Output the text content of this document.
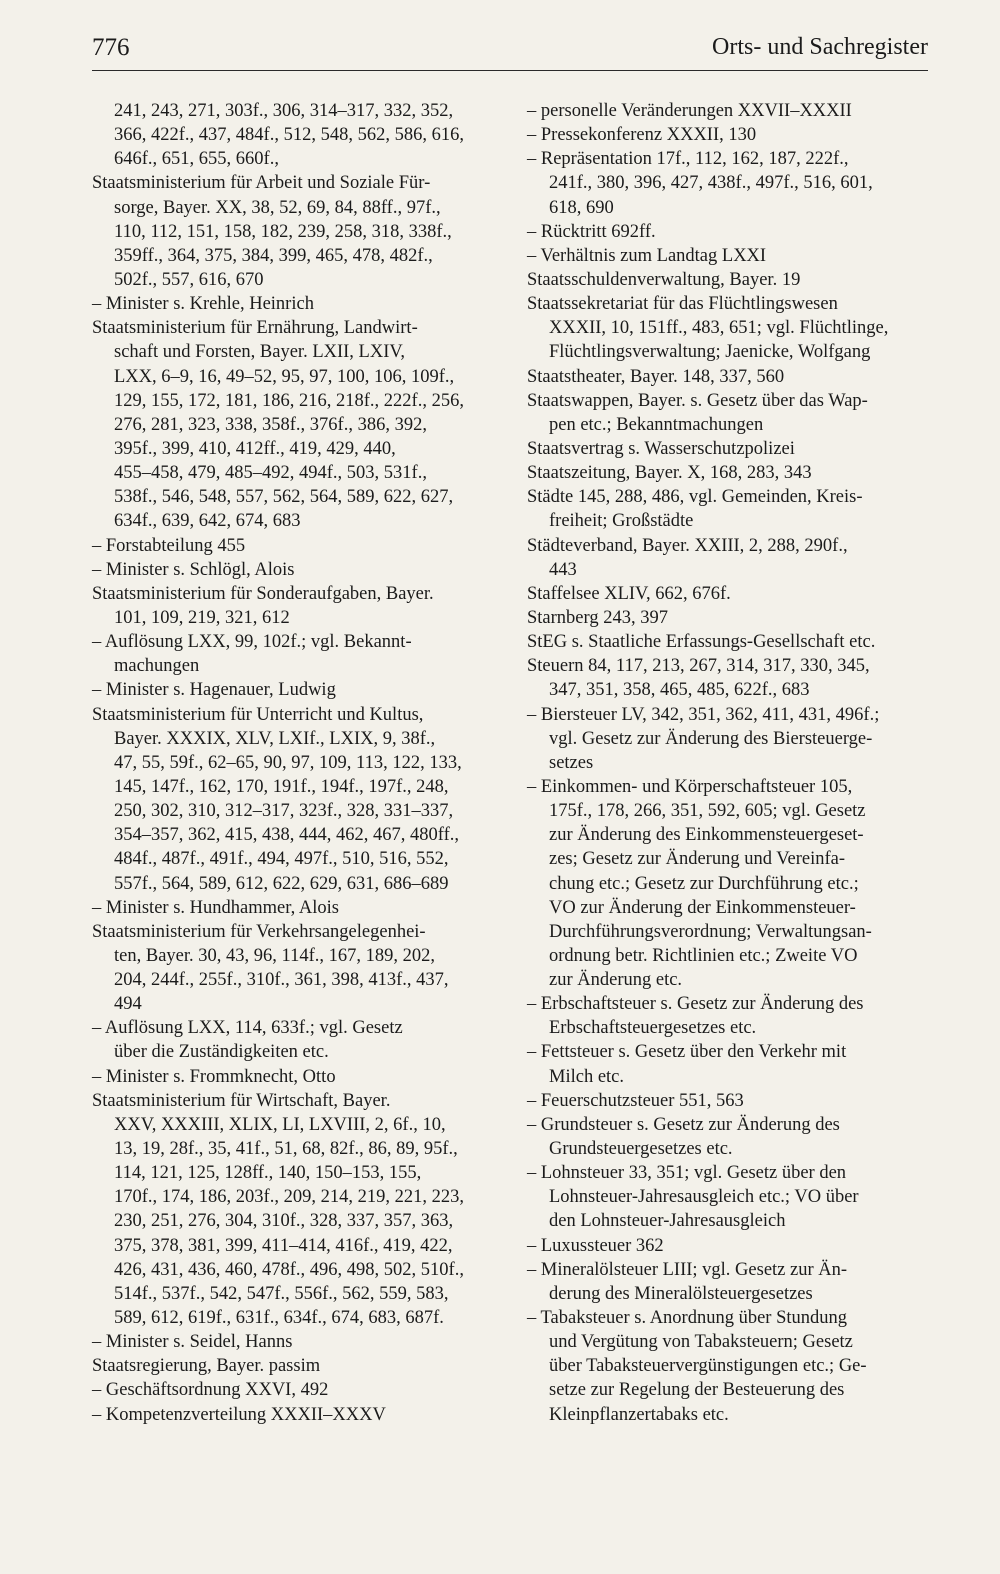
776	Orts- und Sachregister
241, 243, 271, 303f., 306, 314–317, 332, 352,
366, 422f., 437, 484f., 512, 548, 562, 586, 616,
646f., 651, 655, 660f.,
Staatsministerium für Arbeit und Soziale Für-
sorge, Bayer. XX, 38, 52, 69, 84, 88ff., 97f.,
110, 112, 151, 158, 182, 239, 258, 318, 338f.,
359ff., 364, 375, 384, 399, 465, 478, 482f.,
502f., 557, 616, 670
– Minister s. Krehle, Heinrich
Staatsministerium für Ernährung, Landwirt-
schaft und Forsten, Bayer. LXII, LXIV,
LXX, 6–9, 16, 49–52, 95, 97, 100, 106, 109f.,
129, 155, 172, 181, 186, 216, 218f., 222f., 256,
276, 281, 323, 338, 358f., 376f., 386, 392,
395f., 399, 410, 412ff., 419, 429, 440,
455–458, 479, 485–492, 494f., 503, 531f.,
538f., 546, 548, 557, 562, 564, 589, 622, 627,
634f., 639, 642, 674, 683
– Forstabteilung 455
– Minister s. Schlögl, Alois
Staatsministerium für Sonderaufgaben, Bayer.
101, 109, 219, 321, 612
– Auflösung LXX, 99, 102f.; vgl. Bekannt-
machungen
– Minister s. Hagenauer, Ludwig
Staatsministerium für Unterricht und Kultus,
Bayer. XXXIX, XLV, LXIf., LXIX, 9, 38f.,
47, 55, 59f., 62–65, 90, 97, 109, 113, 122, 133,
145, 147f., 162, 170, 191f., 194f., 197f., 248,
250, 302, 310, 312–317, 323f., 328, 331–337,
354–357, 362, 415, 438, 444, 462, 467, 480ff.,
484f., 487f., 491f., 494, 497f., 510, 516, 552,
557f., 564, 589, 612, 622, 629, 631, 686–689
– Minister s. Hundhammer, Alois
Staatsministerium für Verkehrsangelegenhei-
ten, Bayer. 30, 43, 96, 114f., 167, 189, 202,
204, 244f., 255f., 310f., 361, 398, 413f., 437,
494
– Auflösung LXX, 114, 633f.; vgl. Gesetz
über die Zuständigkeiten etc.
– Minister s. Frommknecht, Otto
Staatsministerium für Wirtschaft, Bayer.
XXV, XXXIII, XLIX, LI, LXVIII, 2, 6f., 10,
13, 19, 28f., 35, 41f., 51, 68, 82f., 86, 89, 95f.,
114, 121, 125, 128ff., 140, 150–153, 155,
170f., 174, 186, 203f., 209, 214, 219, 221, 223,
230, 251, 276, 304, 310f., 328, 337, 357, 363,
375, 378, 381, 399, 411–414, 416f., 419, 422,
426, 431, 436, 460, 478f., 496, 498, 502, 510f.,
514f., 537f., 542, 547f., 556f., 562, 559, 583,
589, 612, 619f., 631f., 634f., 674, 683, 687f.
– Minister s. Seidel, Hanns
Staatsregierung, Bayer. passim
– Geschäftsordnung XXVI, 492
– Kompetenzverteilung XXXII–XXXV
– personelle Veränderungen XXVII–XXXII
– Pressekonferenz XXXII, 130
– Repräsentation 17f., 112, 162, 187, 222f.,
241f., 380, 396, 427, 438f., 497f., 516, 601,
618, 690
– Rücktritt 692ff.
– Verhältnis zum Landtag LXXI
Staatsschuldenverwaltung, Bayer. 19
Staatssekretariat für das Flüchtlingswesen
XXXII, 10, 151ff., 483, 651; vgl. Flüchtlinge,
Flüchtlingsverwaltung; Jaenicke, Wolfgang
Staatstheater, Bayer. 148, 337, 560
Staatswappen, Bayer. s. Gesetz über das Wap-
pen etc.; Bekanntmachungen
Staatsvertrag s. Wasserschutzpolizei
Staatszeitung, Bayer. X, 168, 283, 343
Städte 145, 288, 486, vgl. Gemeinden, Kreis-
freiheit; Großstädte
Städteverband, Bayer. XXIII, 2, 288, 290f.,
443
Staffelsee XLIV, 662, 676f.
Starnberg 243, 397
StEG s. Staatliche Erfassungs-Gesellschaft etc.
Steuern 84, 117, 213, 267, 314, 317, 330, 345,
347, 351, 358, 465, 485, 622f., 683
– Biersteuer LV, 342, 351, 362, 411, 431, 496f.;
vgl. Gesetz zur Änderung des Biersteuerge-
setzes
– Einkommen- und Körperschaftsteuer 105,
175f., 178, 266, 351, 592, 605; vgl. Gesetz
zur Änderung des Einkommensteuergeset-
zes; Gesetz zur Änderung und Vereinfa-
chung etc.; Gesetz zur Durchführung etc.;
VO zur Änderung der Einkommensteuer-
Durchführungsverordnung; Verwaltungsan-
ordnung betr. Richtlinien etc.; Zweite VO
zur Änderung etc.
– Erbschaftsteuer s. Gesetz zur Änderung des
Erbschaftsteuergesetzes etc.
– Fettsteuer s. Gesetz über den Verkehr mit
Milch etc.
– Feuerschutzsteuer 551, 563
– Grundsteuer s. Gesetz zur Änderung des
Grundsteuergesetzes etc.
– Lohnsteuer 33, 351; vgl. Gesetz über den
Lohnsteuer-Jahresausgleich etc.; VO über
den Lohnsteuer-Jahresausgleich
– Luxussteuer 362
– Mineralölsteuer LIII; vgl. Gesetz zur Än-
derung des Mineralölsteuergesetzes
– Tabaksteuer s. Anordnung über Stundung
und Vergütung von Tabaksteuern; Gesetz
über Tabaksteuervergünstigungen etc.; Ge-
setze zur Regelung der Besteuerung des
Kleinpflanzertabaks etc.
